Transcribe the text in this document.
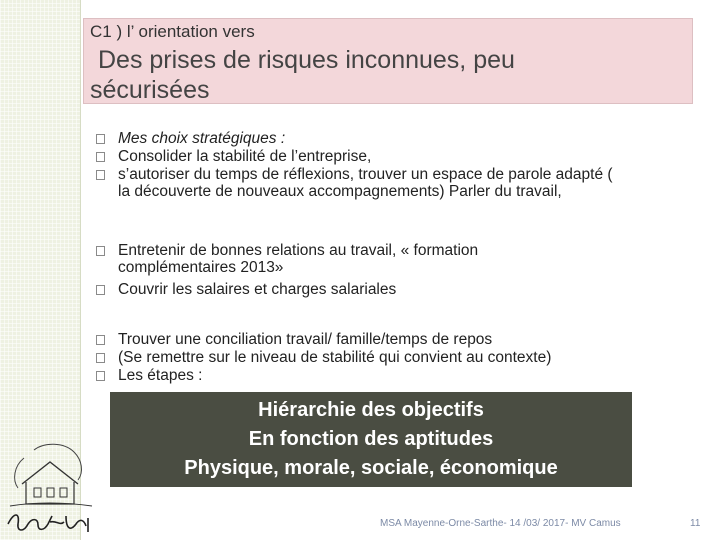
C1 ) l’ orientation vers
Des prises de risques inconnues, peu
sécurisées
Mes choix stratégiques :
Consolider la stabilité de l’entreprise,
s’autoriser du temps de réflexions, trouver un espace de parole adapté (
la découverte de nouveaux accompagnements) Parler du travail,
Entretenir de bonnes relations au travail, « formation
complémentaires 2013»
Couvrir les salaires et charges salariales
Trouver une conciliation travail/ famille/temps de repos
(Se remettre sur le niveau de stabilité qui convient au contexte)
Les étapes :
Hiérarchie des objectifs
En fonction des aptitudes
Physique, morale, sociale, économique
MSA Mayenne-Orne-Sarthe- 14 /03/ 2017- MV Camus	11
